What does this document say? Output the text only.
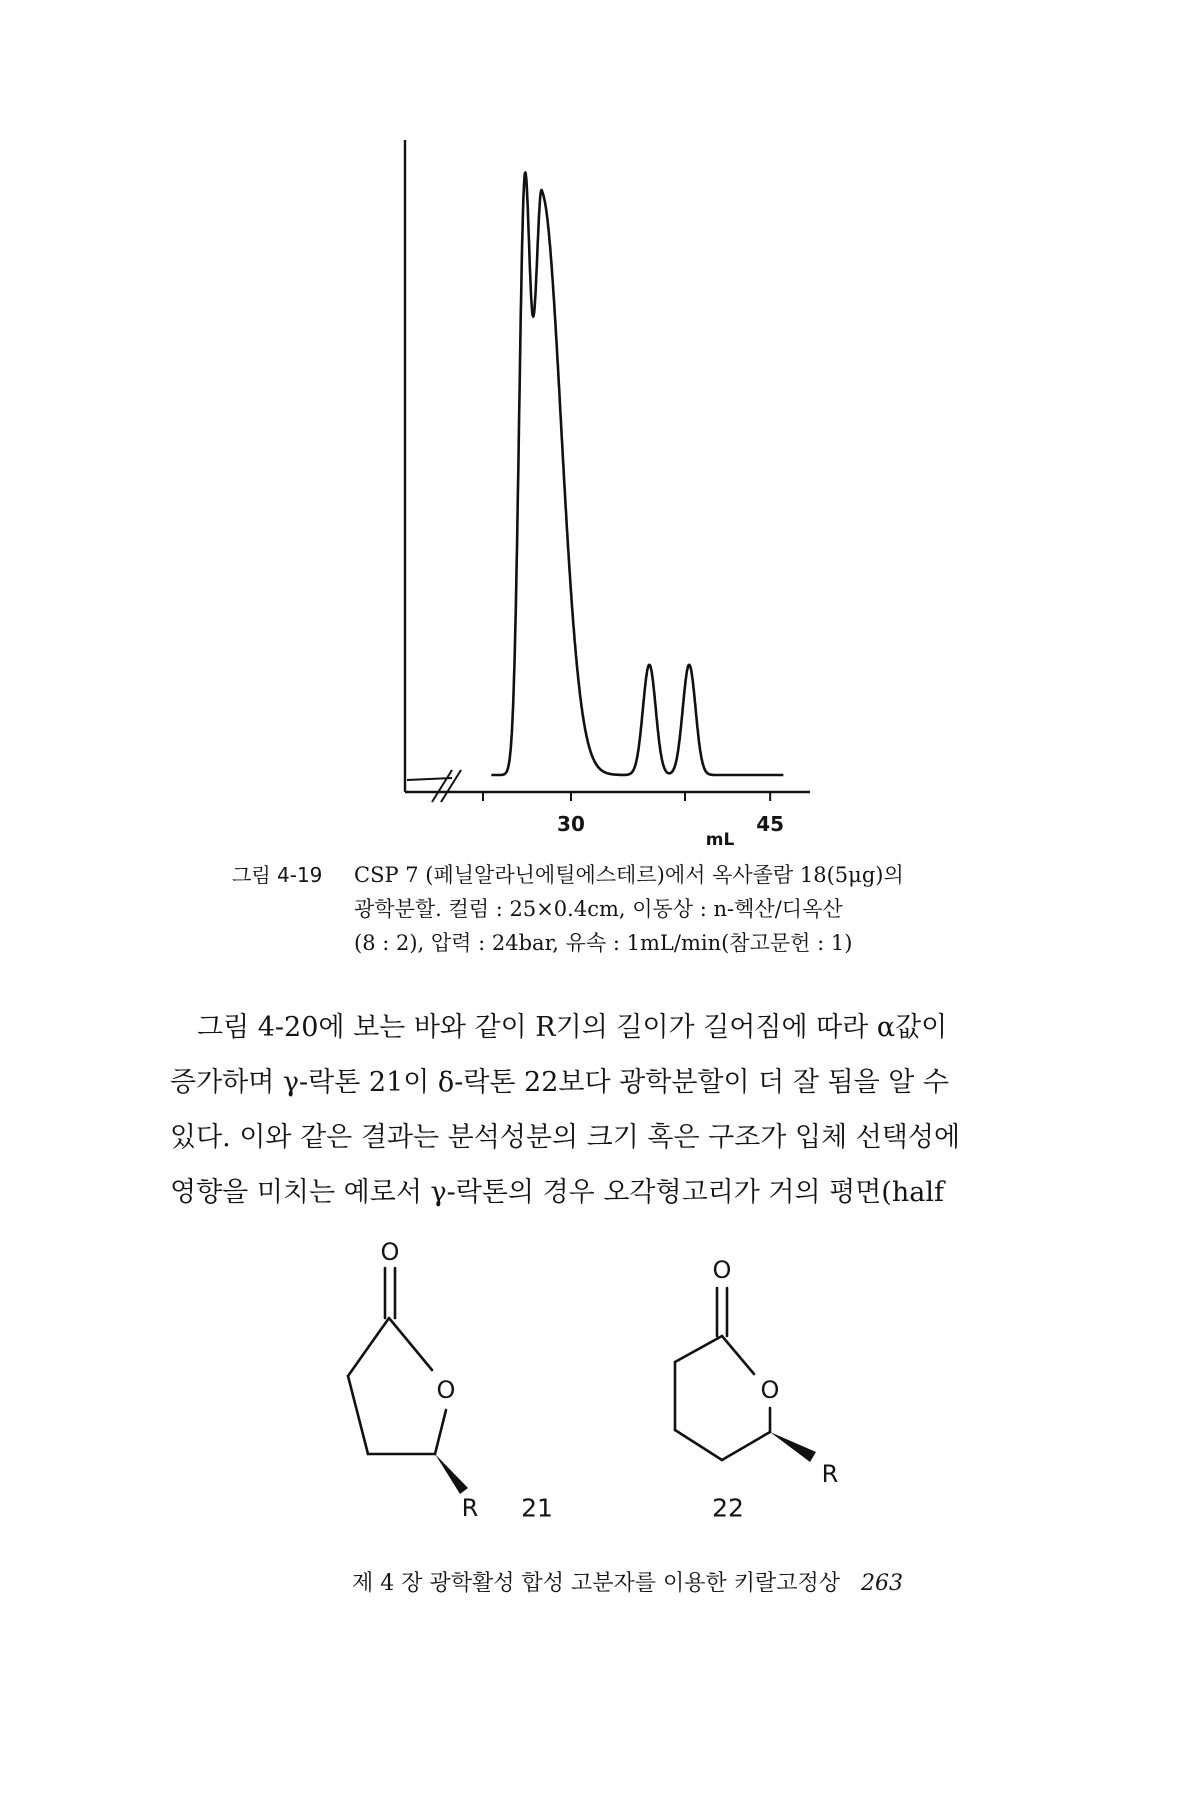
30	45
mL
그림 4-19	CSP 7 (페닐알라닌에틸에스테르)에서 옥사졸람 18(5μg)의
광학분할. 컬럼 : 25×0.4cm, 이동상 : n-헥산/디옥산
(8 : 2), 압력 : 24bar, 유속 : 1mL/min(참고문헌 : 1)
그림 4-20에 보는 바와 같이 R기의 길이가 길어짐에 따라 α값이
증가하며 γ-락톤 21이 δ-락톤 22보다 광학분할이 더 잘 됨을 알 수
있다. 이와 같은 결과는 분석성분의 크기 혹은 구조가 입체 선택성에
영향을 미치는 예로서 γ-락톤의 경우 오각형고리가 거의 평면(half
O
O
R 21
O
O
R
22
제 4 장 광학활성 합성 고분자를 이용한 키랄고정상 263
